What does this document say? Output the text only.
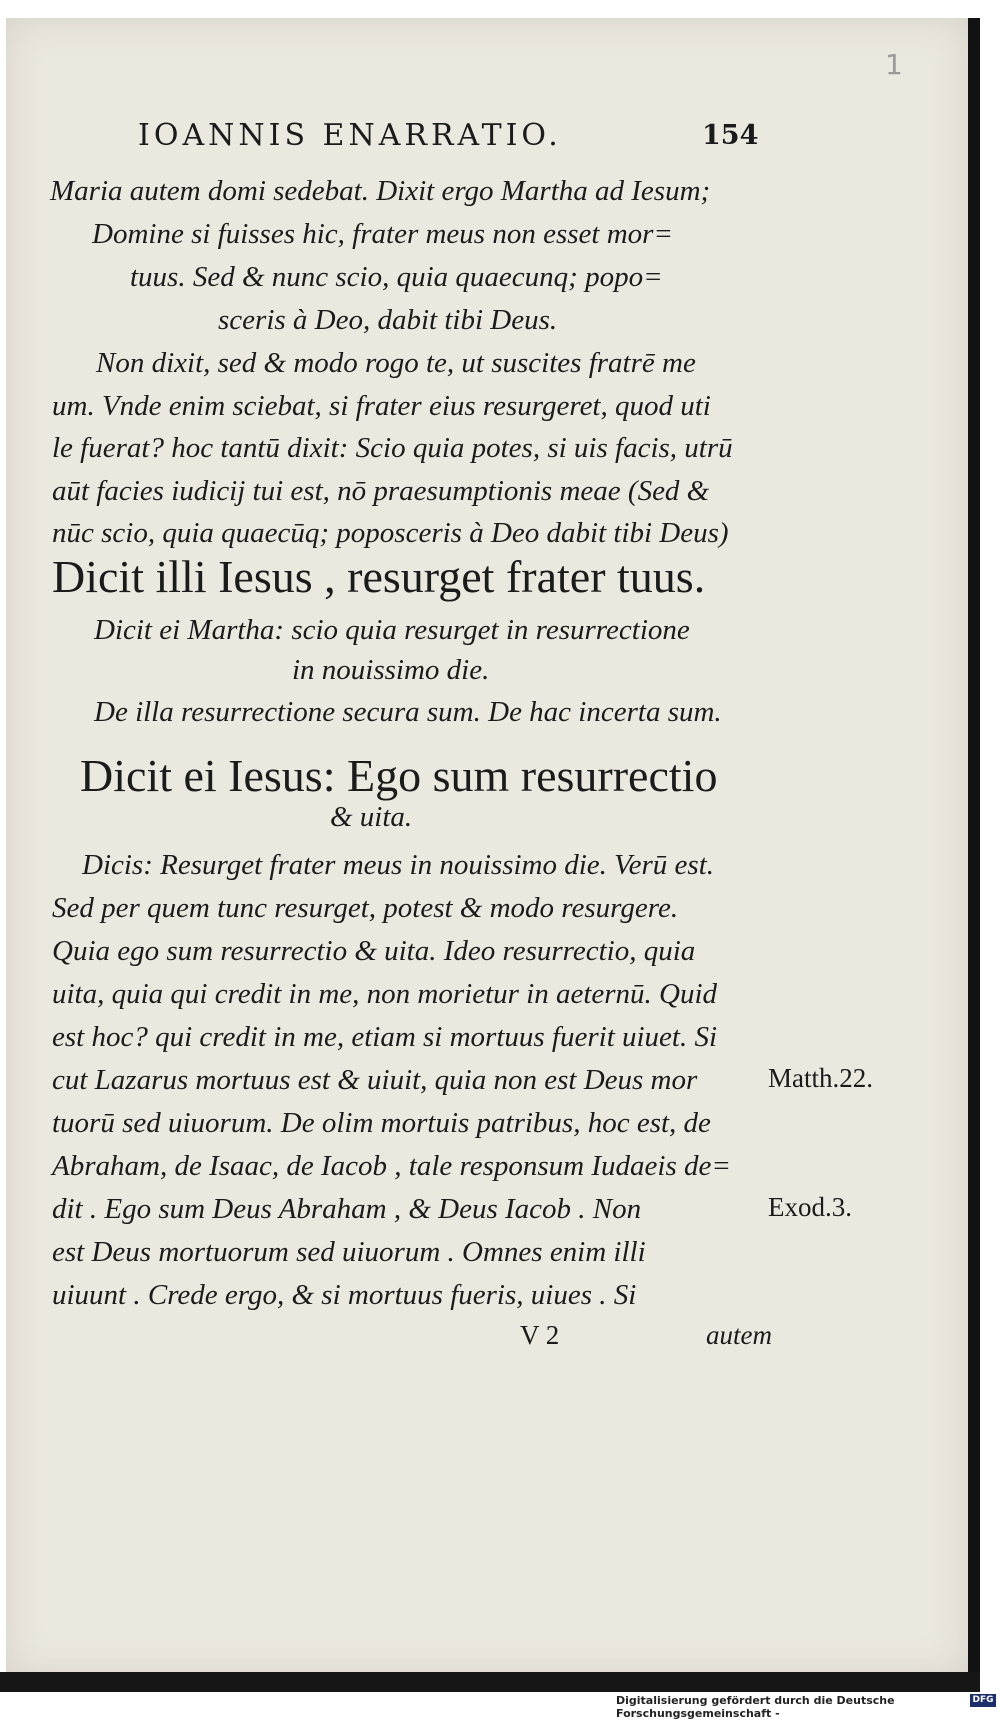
1
IOANNIS ENARRATIO.	154
Maria autem domi sedebat. Dixit ergo Martha ad Iesum;
Domine si fuisses hic, frater meus non esset mor=
tuus. Sed & nunc scio, quia quaecunq; popo=
sceris à Deo, dabit tibi Deus.
Non dixit, sed & modo rogo te, ut suscites fratrē me
um. Vnde enim sciebat, si frater eius resurgeret, quod uti
le fuerat? hoc tantū dixit: Scio quia potes, si uis facis, utrū
aūt facies iudicij tui est, nō praesumptionis meae (Sed &
nūc scio, quia quaecūq; poposceris à Deo dabit tibi Deus)
Dicit illi Iesus , resurget frater tuus.
Dicit ei Martha: scio quia resurget in resurrectione
in nouissimo die.
De illa resurrectione secura sum. De hac incerta sum.
Dicit ei Iesus: Ego sum resurrectio
& uita.
Dicis: Resurget frater meus in nouissimo die. Verū est.
Sed per quem tunc resurget, potest & modo resurgere.
Quia ego sum resurrectio & uita. Ideo resurrectio, quia
uita, quia qui credit in me, non morietur in aeternū. Quid
est hoc? qui credit in me, etiam si mortuus fuerit uiuet. Si
cut Lazarus mortuus est & uiuit, quia non est Deus mor
tuorū sed uiuorum. De olim mortuis patribus, hoc est, de
Abraham, de Isaac, de Iacob , tale responsum Iudaeis de=
dit . Ego sum Deus Abraham , & Deus Iacob . Non
est Deus mortuorum sed uiuorum . Omnes enim illi
uiuunt . Crede ergo, & si mortuus fueris, uiues . Si
Matth.22.
Exod.3.
V 2	autem
Digitalisierung gefördert durch die Deutsche Forschungsgemeinschaft -
DFG
